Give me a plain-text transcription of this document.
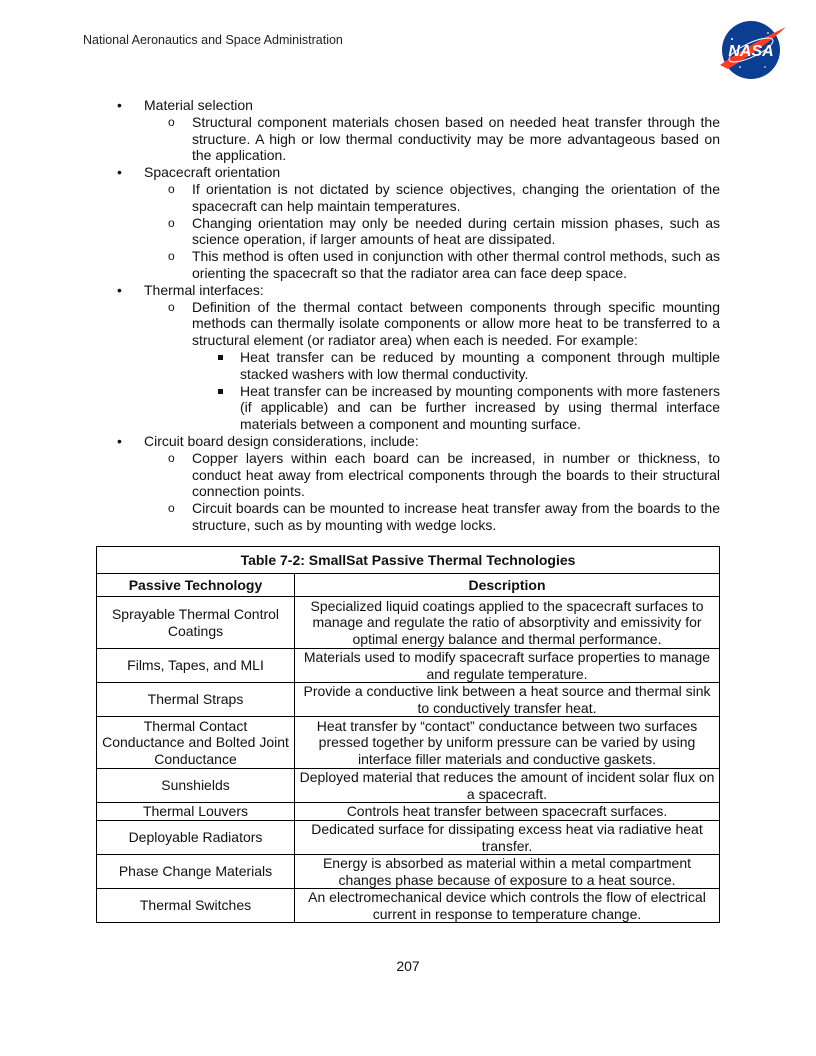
National Aeronautics and Space Administration
NASA
• Material selection
o Structural component materials chosen based on needed heat transfer through the structure. A high or low thermal conductivity may be more advantageous based on the application.
• Spacecraft orientation
o If orientation is not dictated by science objectives, changing the orientation of the spacecraft can help maintain temperatures.
o Changing orientation may only be needed during certain mission phases, such as science operation, if larger amounts of heat are dissipated.
o This method is often used in conjunction with other thermal control methods, such as orienting the spacecraft so that the radiator area can face deep space.
• Thermal interfaces:
o Definition of the thermal contact between components through specific mounting methods can thermally isolate components or allow more heat to be transferred to a structural element (or radiator area) when each is needed. For example:
Heat transfer can be reduced by mounting a component through multiple stacked washers with low thermal conductivity.
Heat transfer can be increased by mounting components with more fasteners (if applicable) and can be further increased by using thermal interface materials between a component and mounting surface.
• Circuit board design considerations, include:
o Copper layers within each board can be increased, in number or thickness, to conduct heat away from electrical components through the boards to their structural connection points.
o Circuit boards can be mounted to increase heat transfer away from the boards to the structure, such as by mounting with wedge locks.
Table 7-2: SmallSat Passive Thermal Technologies	
Passive Technology	Description
Sprayable Thermal Control Coatings	Specialized liquid coatings applied to the spacecraft surfaces to manage and regulate the ratio of absorptivity and emissivity for optimal energy balance and thermal performance.
Films, Tapes, and MLI	Materials used to modify spacecraft surface properties to manage and regulate temperature.
Thermal Straps	Provide a conductive link between a heat source and thermal sink to conductively transfer heat.
Thermal Contact Conductance and Bolted Joint Conductance	Heat transfer by “contact” conductance between two surfaces pressed together by uniform pressure can be varied by using interface filler materials and conductive gaskets.
Sunshields	Deployed material that reduces the amount of incident solar flux on a spacecraft.
Thermal Louvers	Controls heat transfer between spacecraft surfaces.
Deployable Radiators	Dedicated surface for dissipating excess heat via radiative heat transfer.
Phase Change Materials	Energy is absorbed as material within a metal compartment changes phase because of exposure to a heat source.
Thermal Switches	An electromechanical device which controls the flow of electrical current in response to temperature change.
207
